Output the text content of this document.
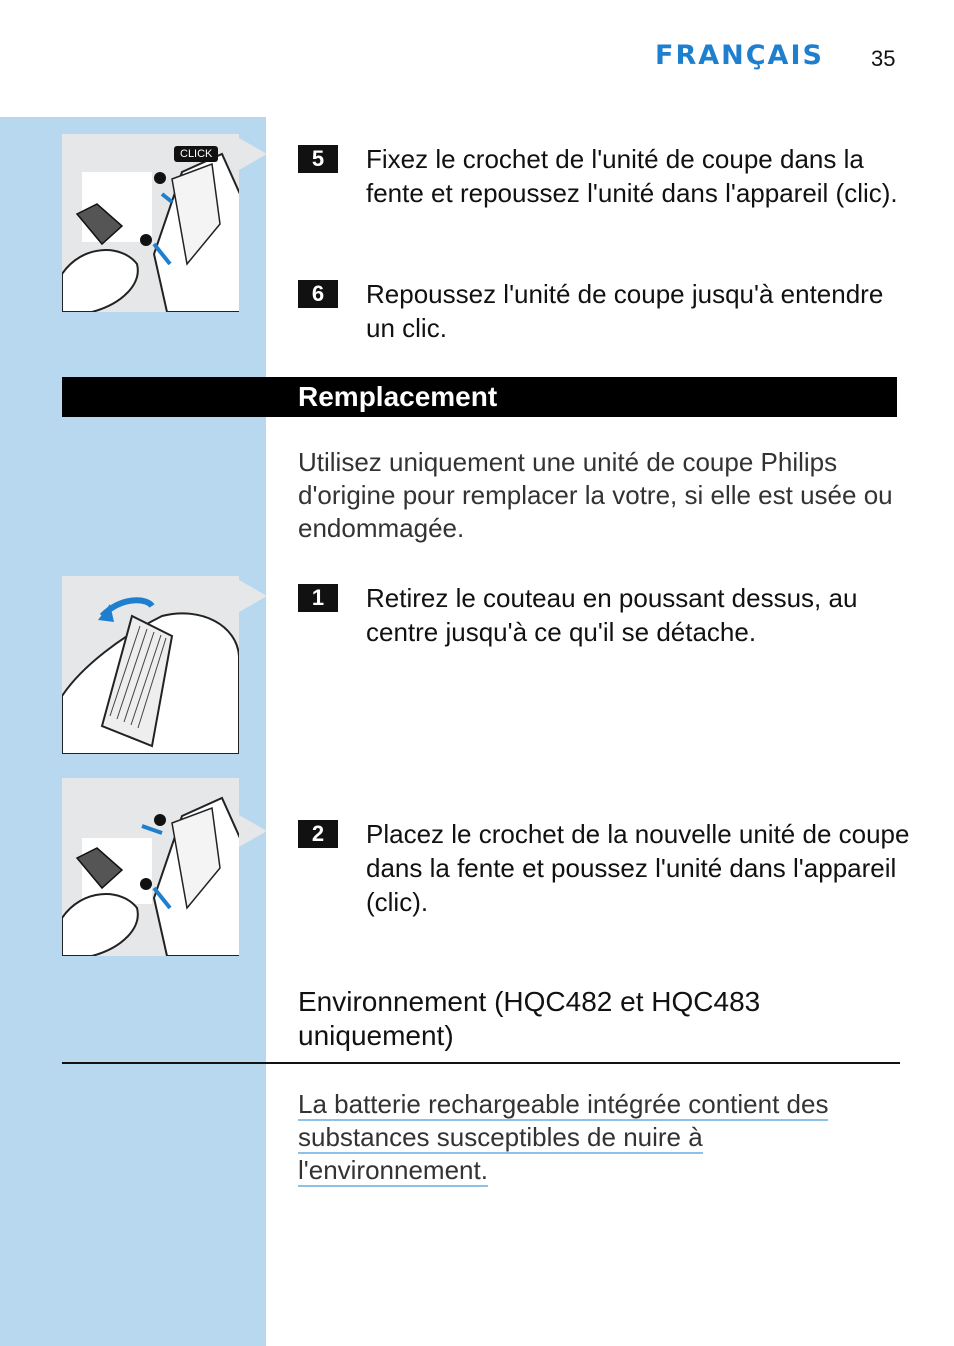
FRANÇAIS 35
CLICK	5	Fixez le crochet de l'unité de coupe dans la fente et repoussez l'unité dans l'appareil (clic).
6	Repoussez l'unité de coupe jusqu'à entendre un clic.
Remplacement
Utilisez uniquement une unité de coupe Philips d'origine pour remplacer la votre, si elle est usée ou endommagée.
1	Retirez le couteau en poussant dessus, au centre jusqu'à ce qu'il se détache.
2	Placez le crochet de la nouvelle unité de coupe dans la fente et poussez l'unité dans l'appareil (clic).
Environnement (HQC482 et HQC483 uniquement)
La batterie rechargeable intégrée contient des
substances susceptibles de nuire à
l'environnement.
